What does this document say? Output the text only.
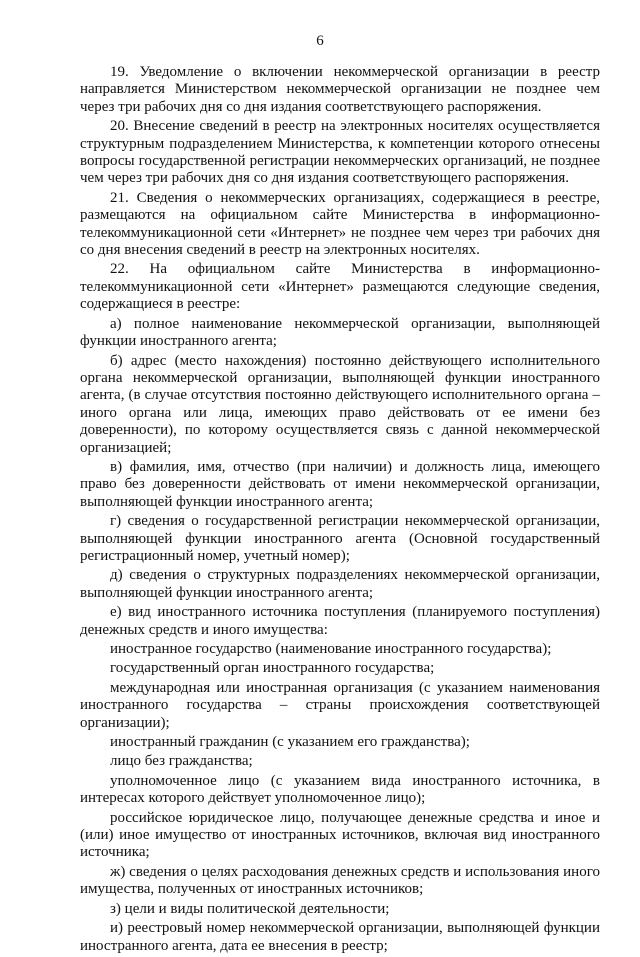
6

19. Уведомление о включении некоммерческой организации в реестр направляется Министерством некоммерческой организации не позднее чем через три рабочих дня со дня издания соответствующего распоряжения.

20. Внесение сведений в реестр на электронных носителях осуществляется структурным подразделением Министерства, к компетенции которого отнесены вопросы государственной регистрации некоммерческих организаций, не позднее чем через три рабочих дня со дня издания соответствующего распоряжения.

21. Сведения о некоммерческих организациях, содержащиеся в реестре, размещаются на официальном сайте Министерства в информационно-телекоммуникационной сети «Интернет» не позднее чем через три рабочих дня со дня внесения сведений в реестр на электронных носителях.

22. На официальном сайте Министерства в информационно-телекоммуникационной сети «Интернет» размещаются следующие сведения, содержащиеся в реестре:

а) полное наименование некоммерческой организации, выполняющей функции иностранного агента;

б) адрес (место нахождения) постоянно действующего исполнительного органа некоммерческой организации, выполняющей функции иностранного агента, (в случае отсутствия постоянно действующего исполнительного органа – иного органа или лица, имеющих право действовать от ее имени без доверенности), по которому осуществляется связь с данной некоммерческой организацией;

в) фамилия, имя, отчество (при наличии) и должность лица, имеющего право без доверенности действовать от имени некоммерческой организации, выполняющей функции иностранного агента;

г) сведения о государственной регистрации некоммерческой организации, выполняющей функции иностранного агента (Основной государственный регистрационный номер, учетный номер);

д) сведения о структурных подразделениях некоммерческой организации, выполняющей функции иностранного агента;

е) вид иностранного источника поступления (планируемого поступления) денежных средств и иного имущества:

иностранное государство (наименование иностранного государства);

государственный орган иностранного государства;

международная или иностранная организация (с указанием наименования иностранного государства – страны происхождения соответствующей организации);

иностранный гражданин (с указанием его гражданства);

лицо без гражданства;

уполномоченное лицо (с указанием вида иностранного источника, в интересах которого действует уполномоченное лицо);

российское юридическое лицо, получающее денежные средства и иное и (или) иное имущество от иностранных источников, включая вид иностранного источника;

ж) сведения о целях расходования денежных средств и использования иного имущества, полученных от иностранных источников;

з) цели и виды политической деятельности;

и) реестровый номер некоммерческой организации, выполняющей функции иностранного агента, дата ее внесения в реестр;
